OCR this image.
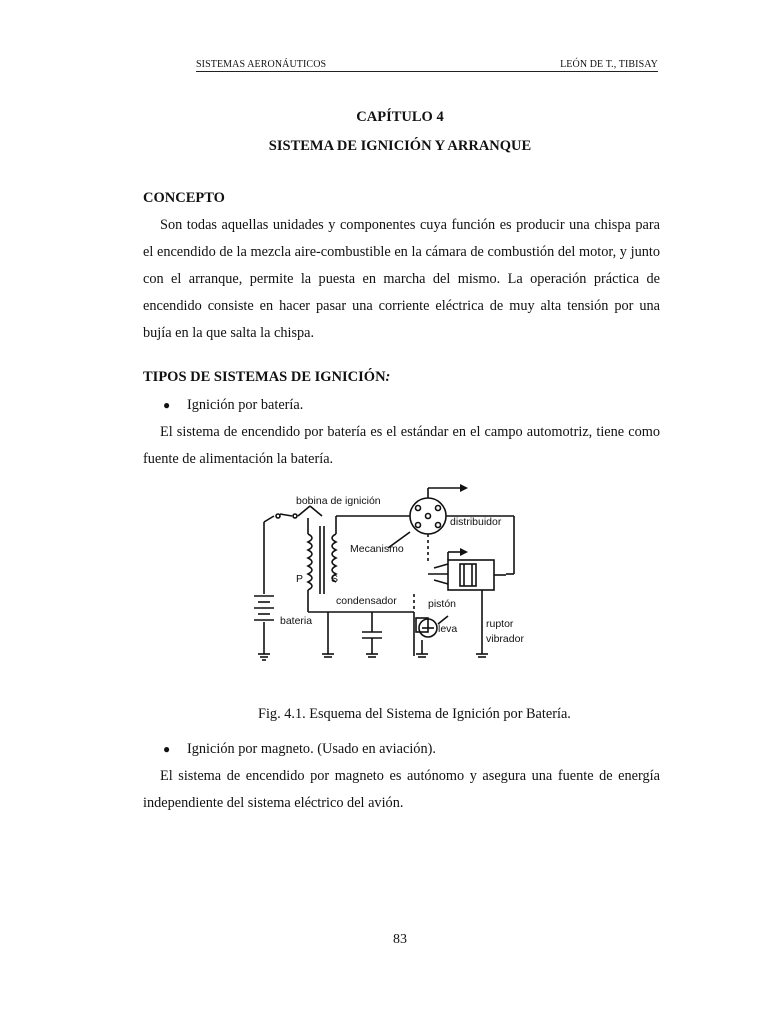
SISTEMAS AERONÁUTICOS	LEÓN DE T., TIBISAY
CAPÍTULO 4
SISTEMA DE IGNICIÓN Y ARRANQUE
CONCEPTO

Son todas aquellas unidades y componentes cuya función es producir una chispa para el encendido de la mezcla aire-combustible en la cámara de combustión del motor, y junto con el arranque, permite la puesta en marcha del mismo. La operación práctica de encendido consiste en hacer pasar una corriente eléctrica de muy alta tensión por una bujía en la que salta la chispa.

TIPOS DE SISTEMAS DE IGNICIÓN:
●	Ignición por batería.

El sistema de encendido por batería es el estándar en el campo automotriz, tiene como fuente de alimentación la batería.

bobina de ignición
distribuidor
Mecanismo
P	S
condensador	pistón
bateria
leva	ruptor
vibrador
Fig. 4.1. Esquema del Sistema de Ignición por Batería.
●	Ignición por magneto. (Usado en aviación).

El sistema de encendido por magneto es autónomo y asegura una fuente de energía independiente del sistema eléctrico del avión.

83
